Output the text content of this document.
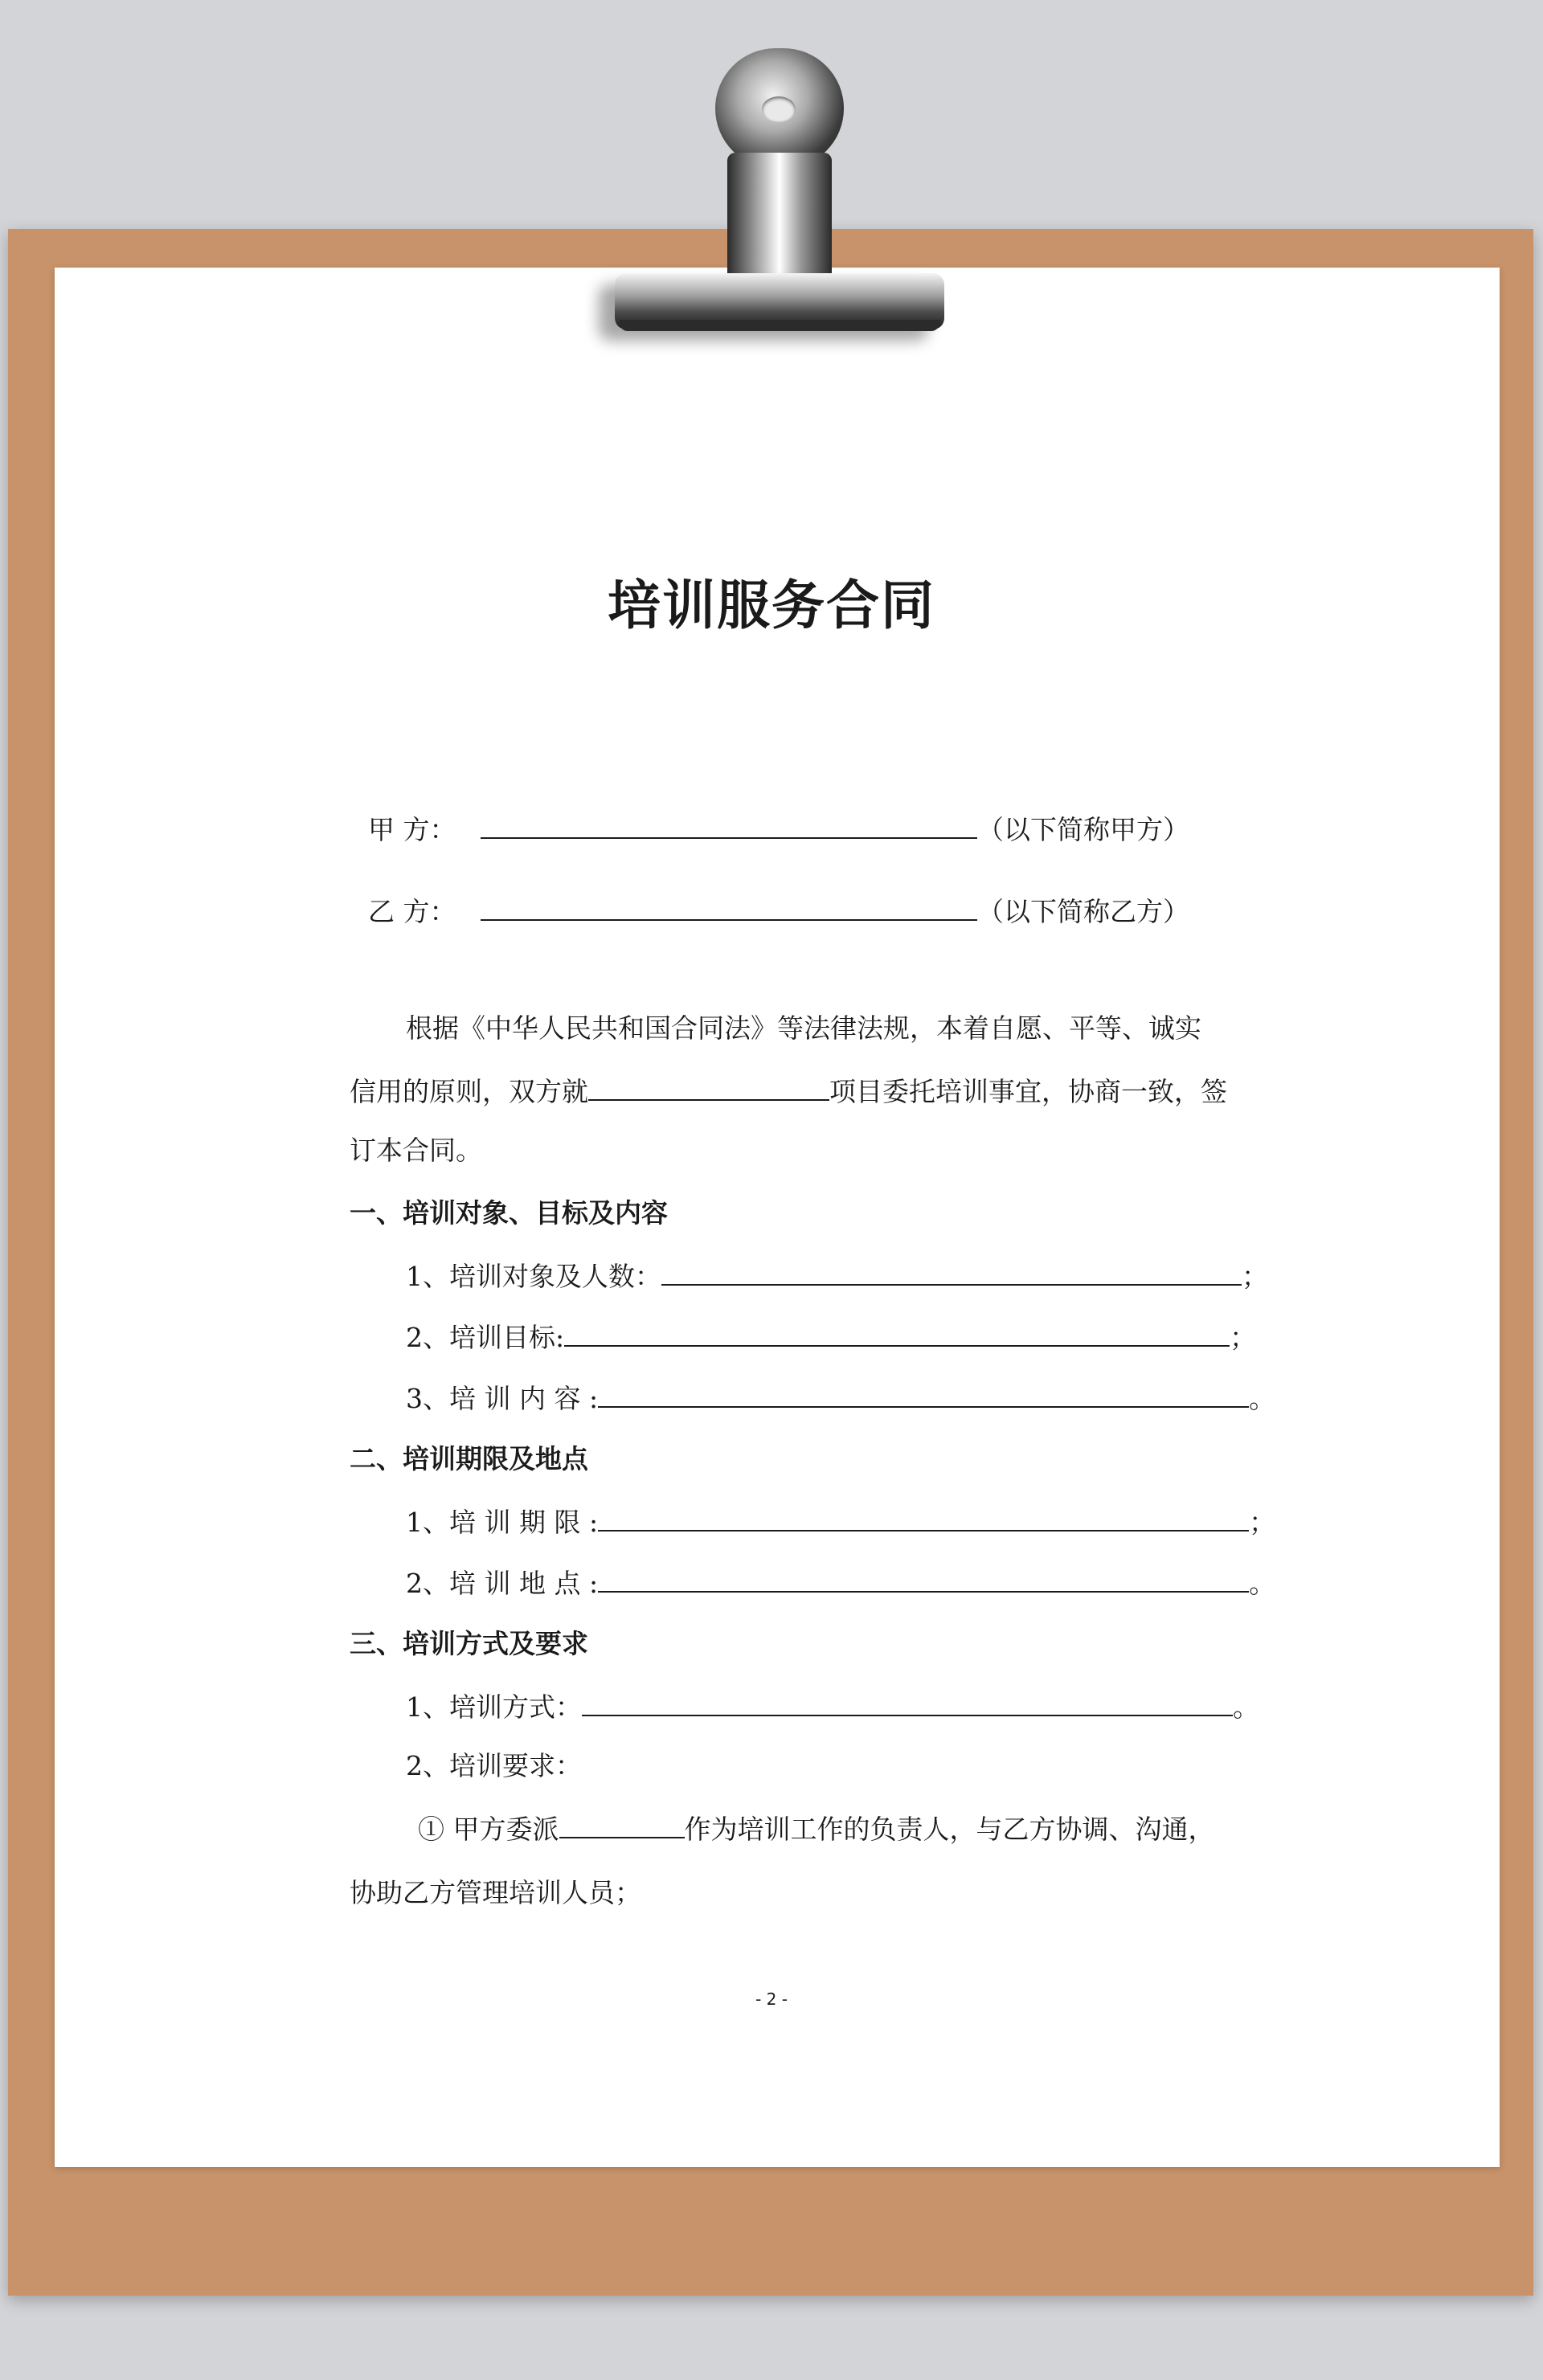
培训服务合同
甲 方：	（以下简称甲方）
乙 方：	（以下简称乙方）
根据《中华人民共和国合同法》等法律法规，本着自愿、平等、诚实
信用的原则，双方就	项目委托培训事宜，协商一致，签
订本合同。
一、培训对象、目标及内容
1、培训对象及人数：	；
2、培训目标:	；
3、培 训 内 容 :	。
二、培训期限及地点
1、培 训 期 限 :	；
2、培 训 地 点 :	。
三、培训方式及要求
1、培训方式：	。
2、培训要求：
① 甲方委派	作为培训工作的负责人，与乙方协调、沟通，
协助乙方管理培训人员；
- 2 -
